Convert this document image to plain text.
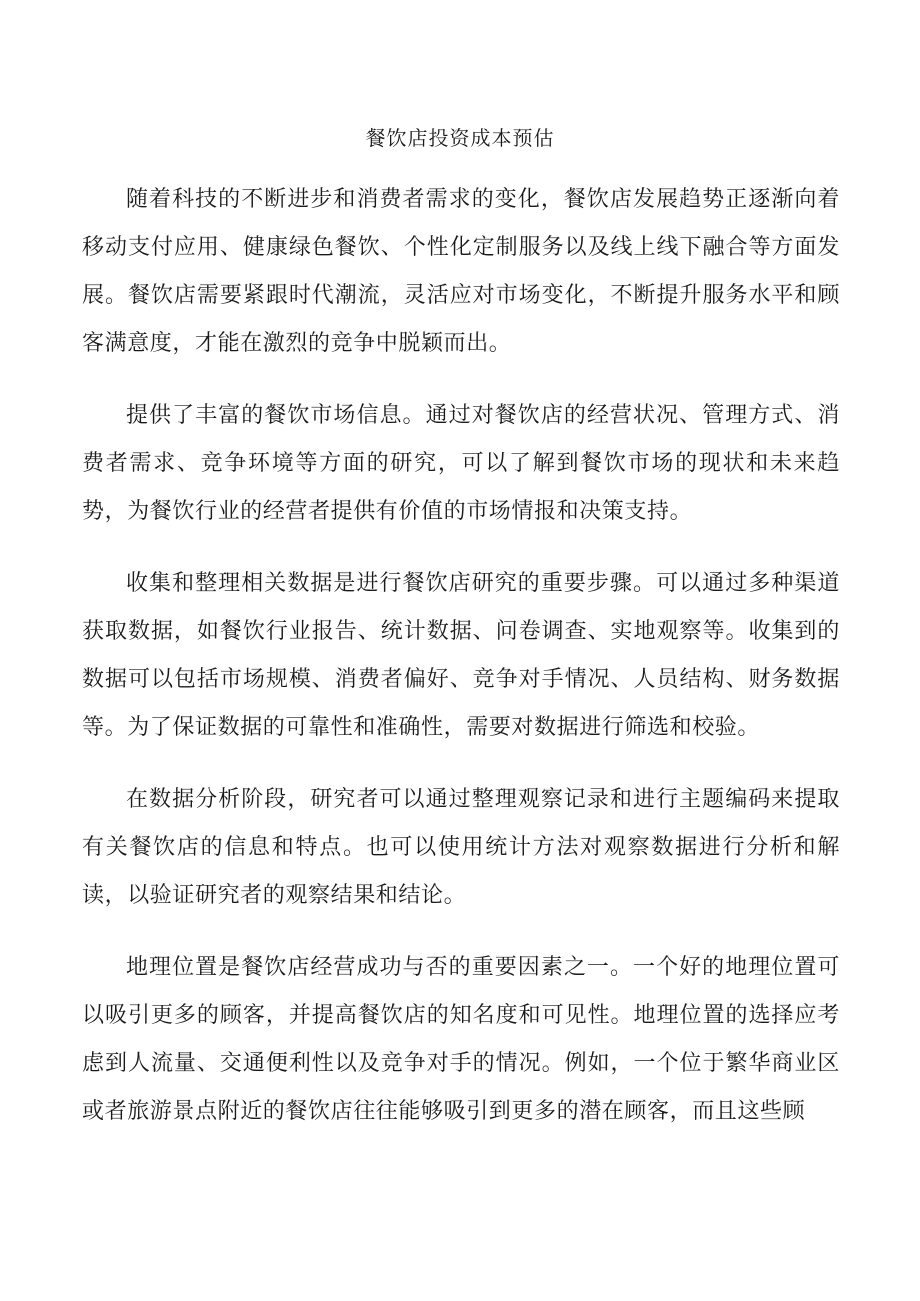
餐饮店投资成本预估

随着科技的不断进步和消费者需求的变化，餐饮店发展趋势正逐渐向着移动支付应用、健康绿色餐饮、个性化定制服务以及线上线下融合等方面发展。餐饮店需要紧跟时代潮流，灵活应对市场变化，不断提升服务水平和顾客满意度，才能在激烈的竞争中脱颖而出。

提供了丰富的餐饮市场信息。通过对餐饮店的经营状况、管理方式、消费者需求、竞争环境等方面的研究，可以了解到餐饮市场的现状和未来趋势，为餐饮行业的经营者提供有价值的市场情报和决策支持。

收集和整理相关数据是进行餐饮店研究的重要步骤。可以通过多种渠道获取数据，如餐饮行业报告、统计数据、问卷调查、实地观察等。收集到的数据可以包括市场规模、消费者偏好、竞争对手情况、人员结构、财务数据等。为了保证数据的可靠性和准确性，需要对数据进行筛选和校验。

在数据分析阶段，研究者可以通过整理观察记录和进行主题编码来提取有关餐饮店的信息和特点。也可以使用统计方法对观察数据进行分析和解读，以验证研究者的观察结果和结论。

地理位置是餐饮店经营成功与否的重要因素之一。一个好的地理位置可以吸引更多的顾客，并提高餐饮店的知名度和可见性。地理位置的选择应考虑到人流量、交通便利性以及竞争对手的情况。例如，一个位于繁华商业区或者旅游景点附近的餐饮店往往能够吸引到更多的潜在顾客，而且这些顾
